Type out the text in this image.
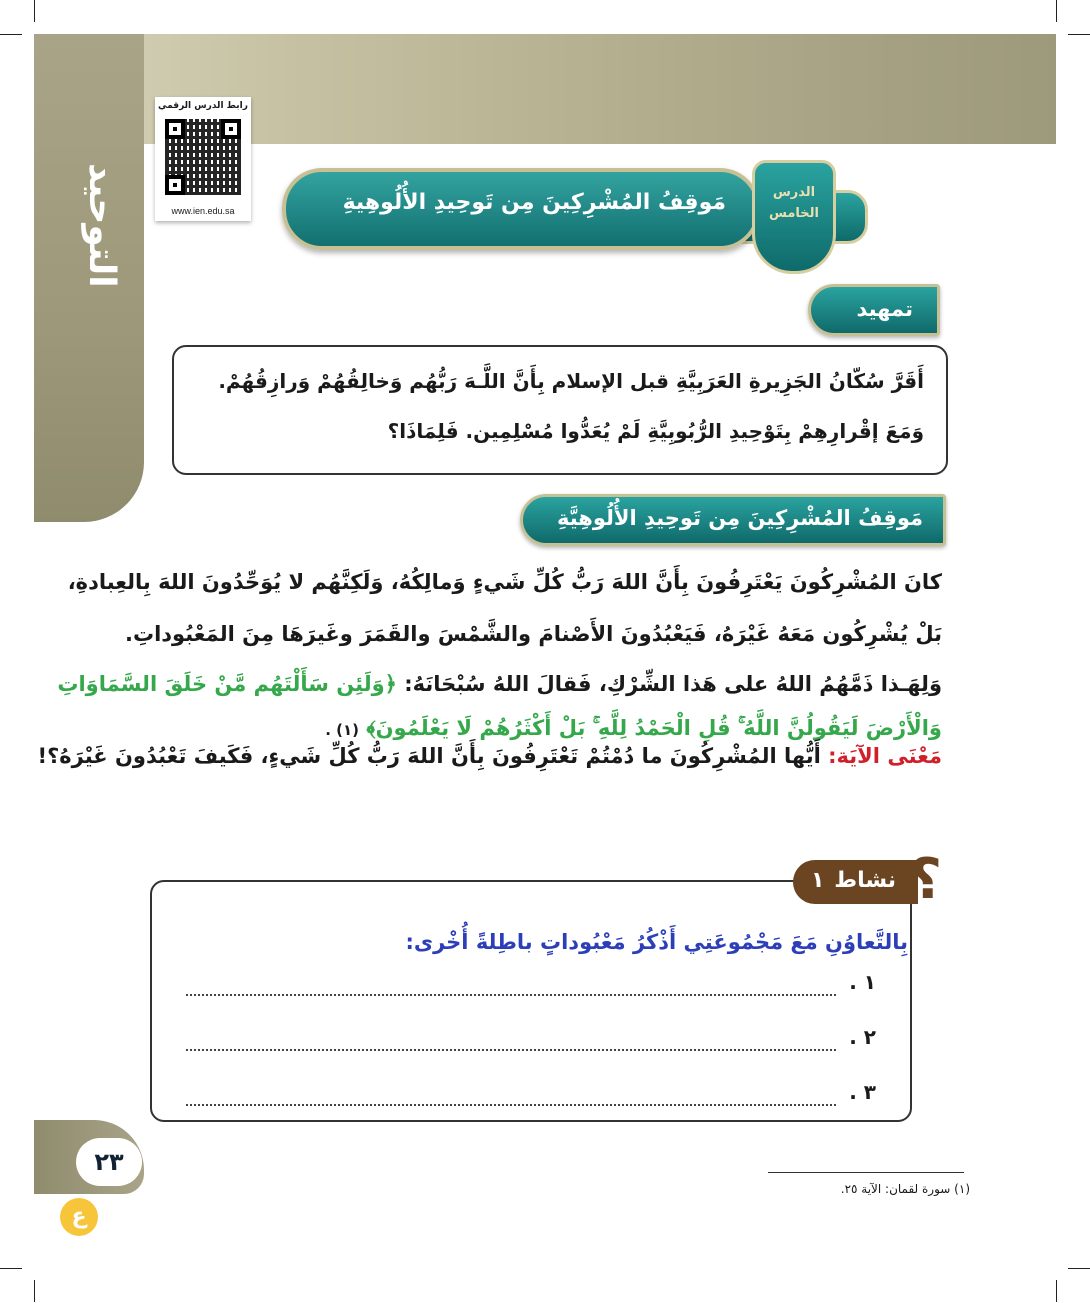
التوحيد
رابط الدرس الرقمي
www.ien.edu.sa	مَوقِفُ المُشْرِكِينَ مِن تَوحِيدِ الأُلُوهِيةِ	الدرس
الخامس
تمهيد
أَقَرَّ سُكّانُ الجَزِيرةِ العَرَبِيَّةِ قبل الإسلام بِأَنَّ اللَّـهَ رَبُّهُم وَخالِقُهُمْ وَرازِقُهُمْ.
وَمَعَ إقْرارِهِمْ بِتَوْحِيدِ الرُّبُوبِيَّةِ لَمْ يُعَدُّوا مُسْلِمِين. فَلِمَاذَا؟
مَوقِفُ المُشْرِكِينَ مِن تَوحِيدِ الأُلُوهِيَّةِ
كانَ المُشْرِكُونَ يَعْتَرِفُونَ بِأَنَّ اللهَ رَبُّ كُلِّ شَيءٍ وَمالِكُهُ، وَلَكِنَّهُم لا يُوَحِّدُونَ اللهَ بِالعِبادةِ،
بَلْ يُشْرِكُون مَعَهُ غَيْرَهُ، فَيَعْبُدُونَ الأَصْنامَ والشَّمْسَ والقَمَرَ وغَيرَهَا مِنَ المَعْبُوداتِ.
وَلِهَـذا ذَمَّهُمُ اللهُ على هَذا الشِّرْكِ، فَقالَ اللهُ سُبْحَانَهُ: ﴿وَلَئِن سَأَلْتَهُم مَّنْ خَلَقَ السَّمَاوَاتِ
وَالْأَرْضَ لَيَقُولُنَّ اللَّهُ ۚ قُلِ الْحَمْدُ لِلَّهِ ۚ بَلْ أَكْثَرُهُمْ لَا يَعْلَمُونَ﴾ (١) .
مَعْنَى الآيَة: أَيُّها المُشْرِكُونَ ما دُمْتُمْ تَعْتَرِفُونَ بِأَنَّ اللهَ رَبُّ كُلِّ شَيءٍ، فَكَيفَ تَعْبُدُونَ غَيْرَهُ؟!
نشاط
١ ؟
بِالتَّعاوُنِ مَعَ مَجْمُوعَتِي أَذْكُرُ مَعْبُوداتٍ باطِلةً أُخْرى:
١ .
٢ .
٣ .
٢٣
ع
(١) سورة لقمان: الآية ٢٥.
